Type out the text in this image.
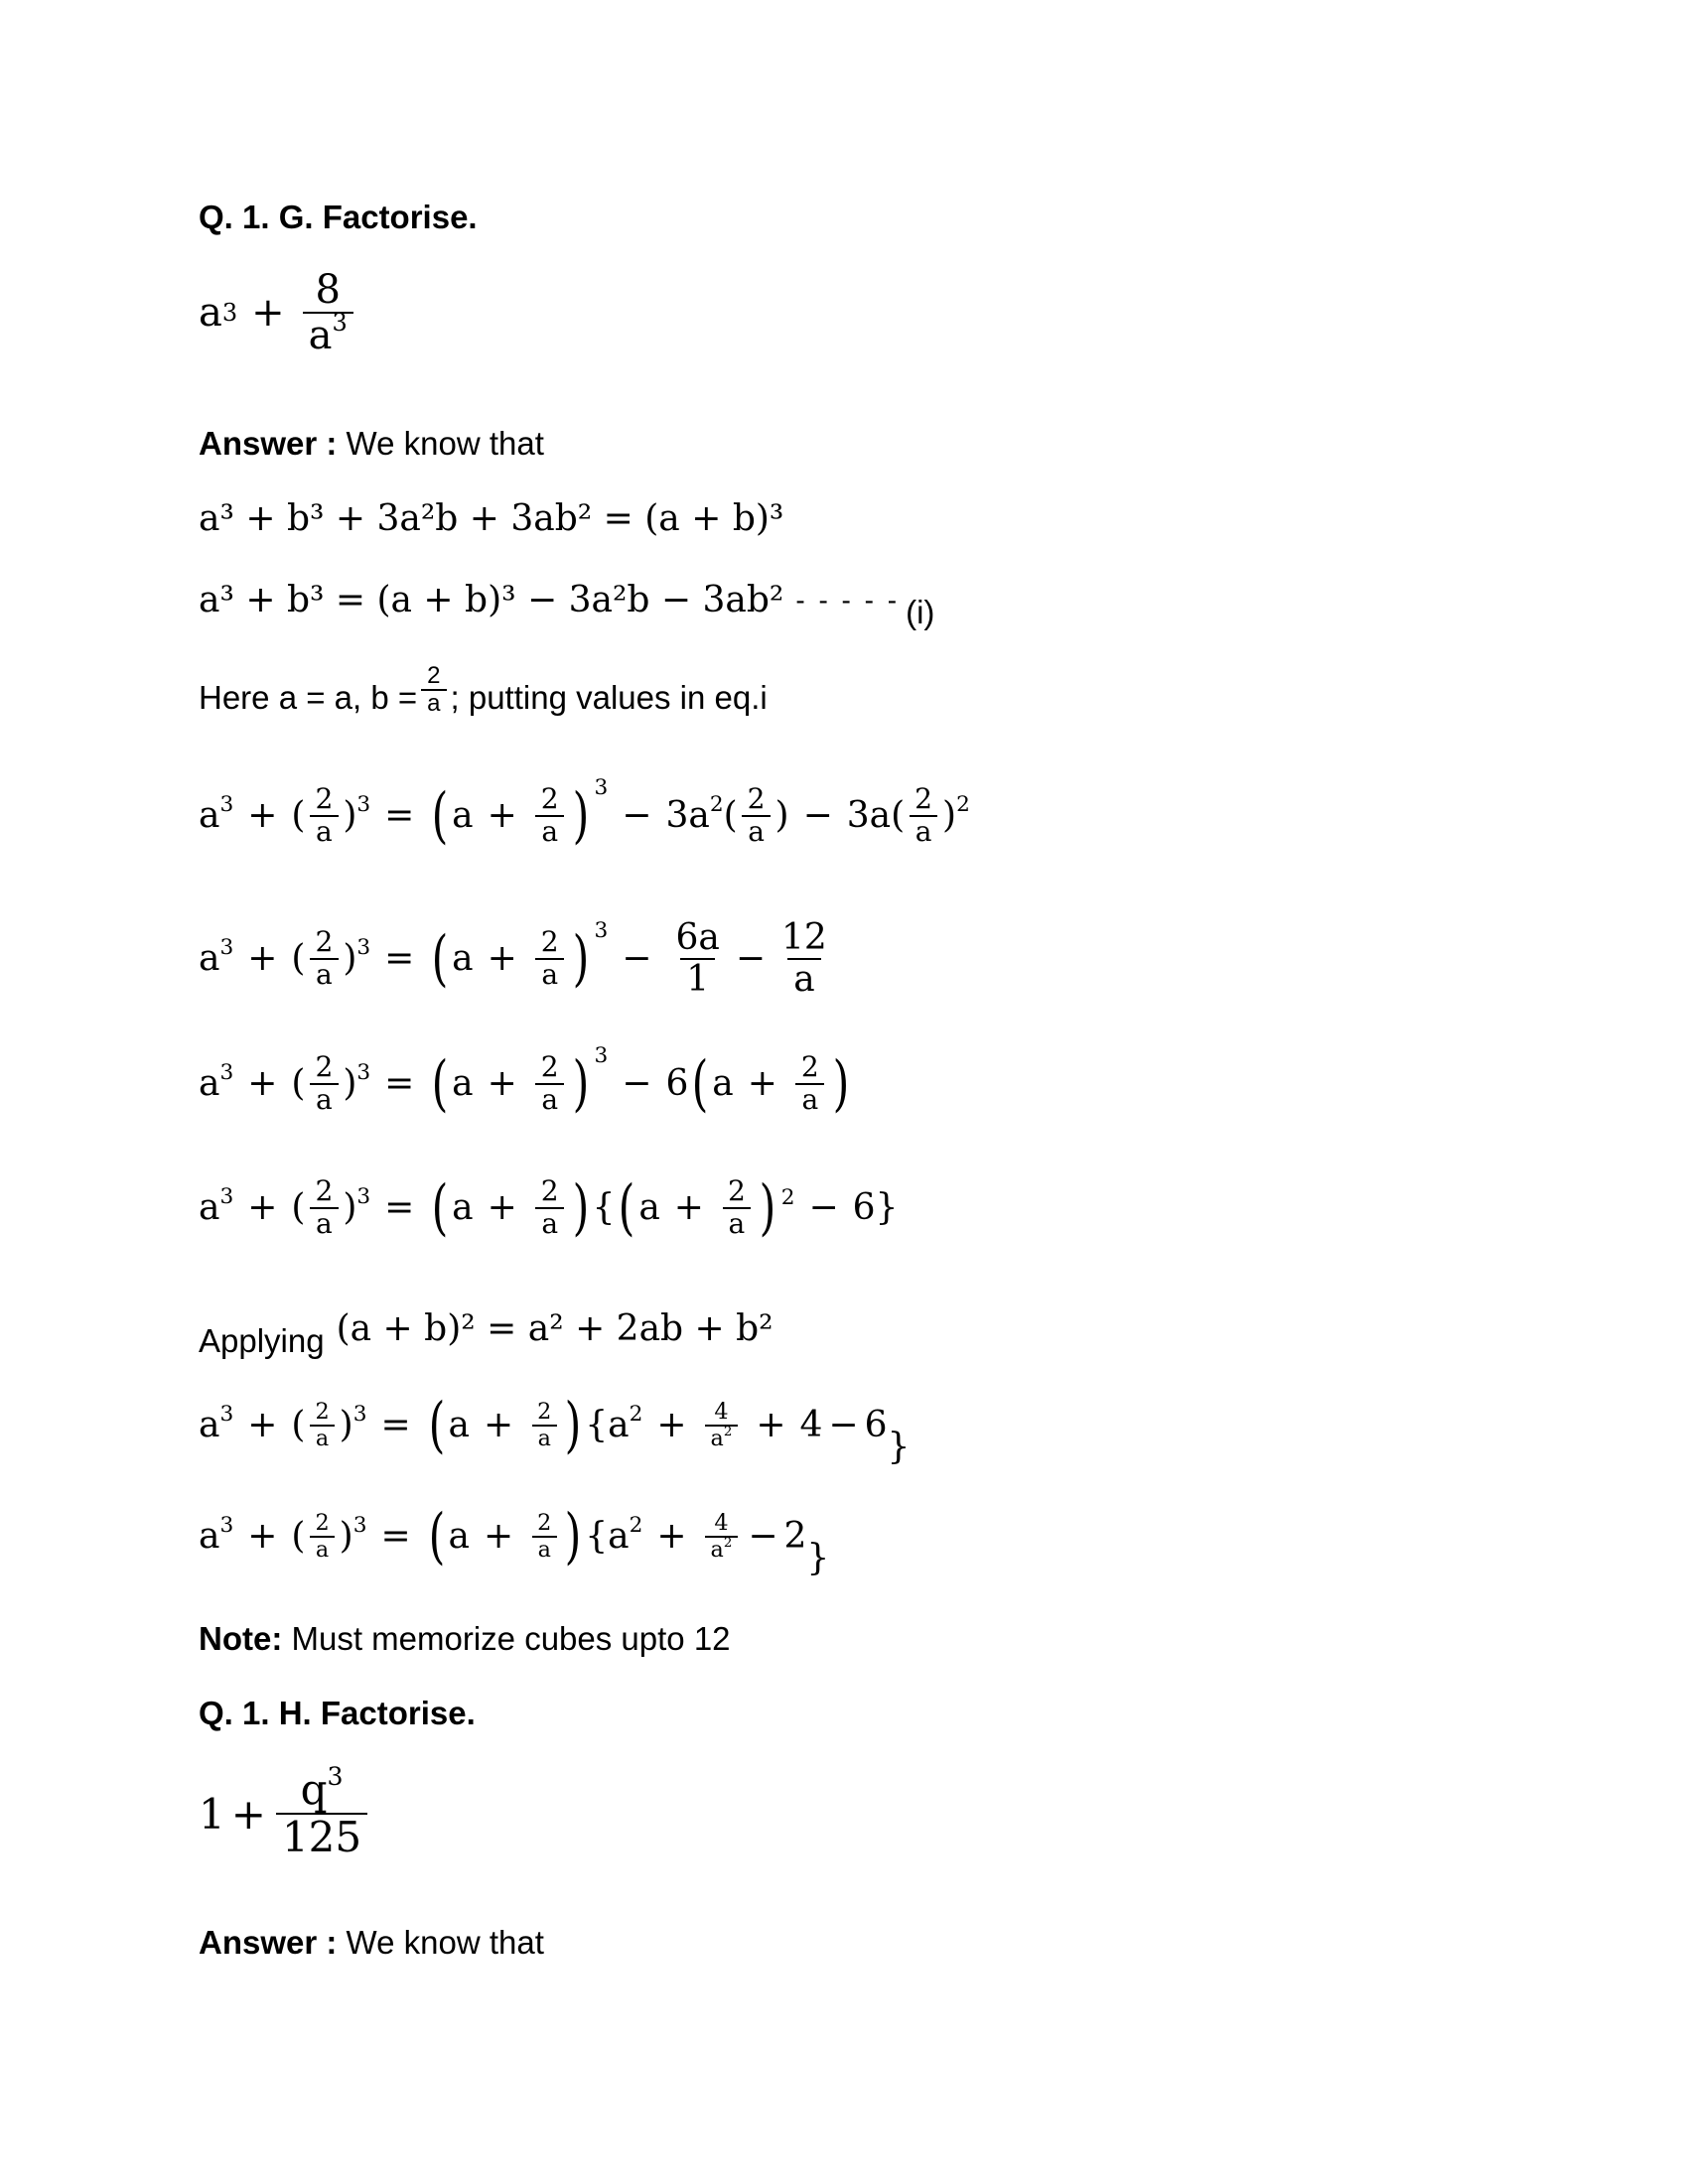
Q. 1. G. Factorise.
a $3 + \frac{8}{a^3}$
Answer : We know that
a³ + b³ + 3a²b + 3ab² = (a + b)³
a³ + b³ = (a + b)³ − 3a²b − 3ab² - - - - - (i)
Here a = a, $b = \frac{2}{a}$ ; putting values in eq.i
$a^3$ + ( 2
a )$^3$ = ( $a + \frac{2}{a}$ ) 3
− $3a^2$( 2
a ) − 3a( 2
a )$^2$
$a^3$ + ( 2
a )$^3$ = ( $a + \frac{2}{a}$ ) 3
− $\frac{6a}{1} - \frac{12}{a}$
$a^3$ + ( 2
a )$^3$ = ( $a + \frac{2}{a}$ ) 3
− 6 ( $a + \frac{2}{a}$ )
$a^3$ + ( 2
a )$^3$ = ( $a + \frac{2}{a}$ ) { ( $a + \frac{2}{a}$ ) 2 − 6}
Applying (a + b)² = a² + 2ab + b²
$a^3$ + ( 2
a )$^3$ = ( $a + \frac{2}{a}$ ) {$a^2 + \frac{4}{a^2} + 4 - 6$
}
$a^3$ + ( 2
a )$^3$ = ( $a + \frac{2}{a}$ ) {$a^2 + \frac{4}{a^2} - 2$
}
Note: Must memorize cubes upto 12
Q. 1. H. Factorise.
$1 + \frac{q^3}{125}$
Answer : We know that
